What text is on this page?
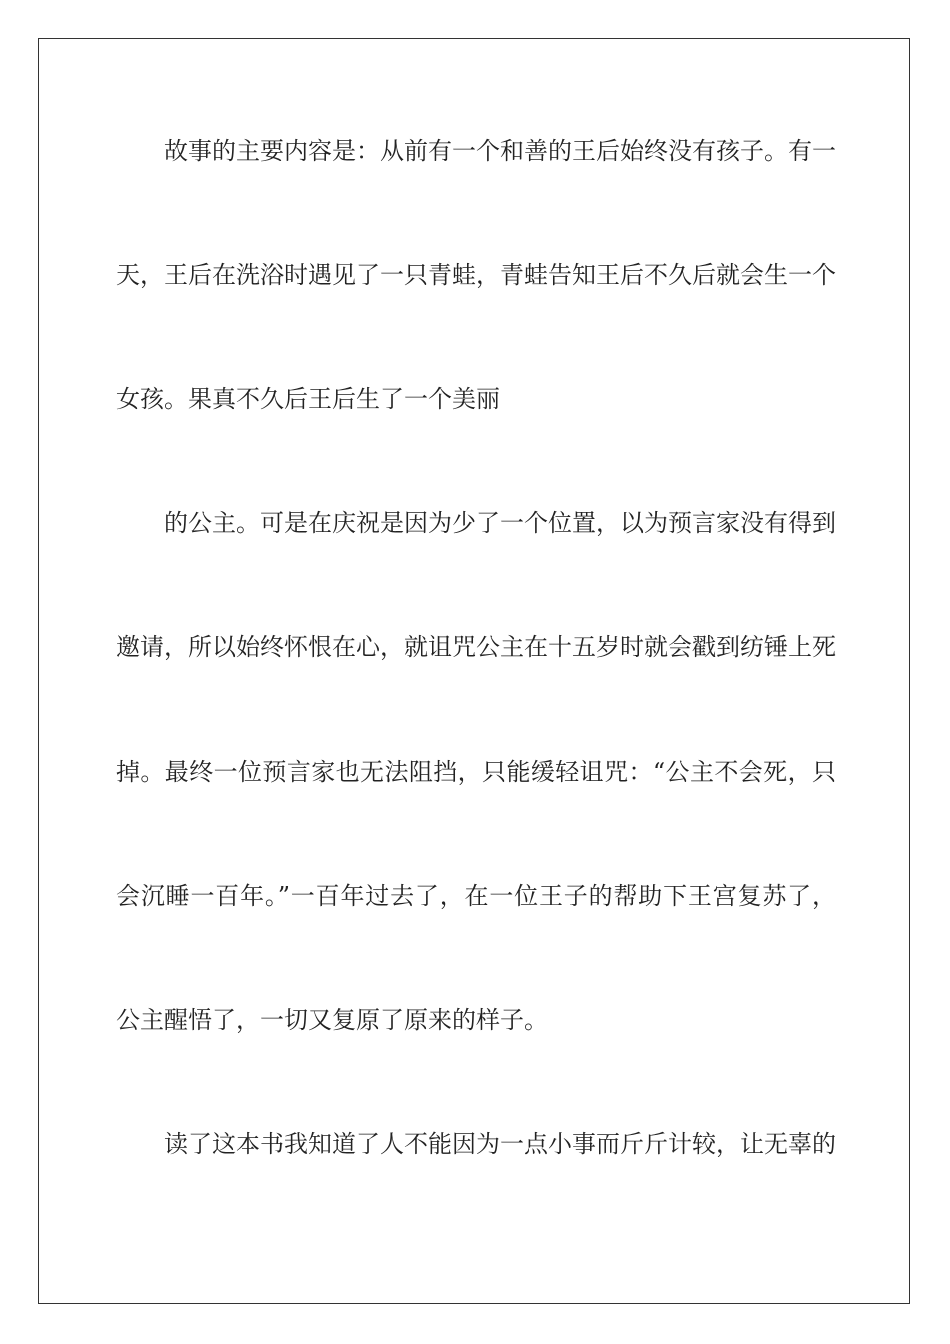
故事的主要内容是：从前有一个和善的王后始终没有孩子。有一
天，王后在洗浴时遇见了一只青蛙，青蛙告知王后不久后就会生一个
女孩。果真不久后王后生了一个美丽
的公主。可是在庆祝是因为少了一个位置，以为预言家没有得到
邀请，所以始终怀恨在心，就诅咒公主在十五岁时就会戳到纺锤上死
掉。最终一位预言家也无法阻挡，只能缓轻诅咒：“公主不会死，只
会沉睡一百年。”一百年过去了，在一位王子的帮助下王宫复苏了，
公主醒悟了，一切又复原了原来的样子。
读了这本书我知道了人不能因为一点小事而斤斤计较，让无辜的
